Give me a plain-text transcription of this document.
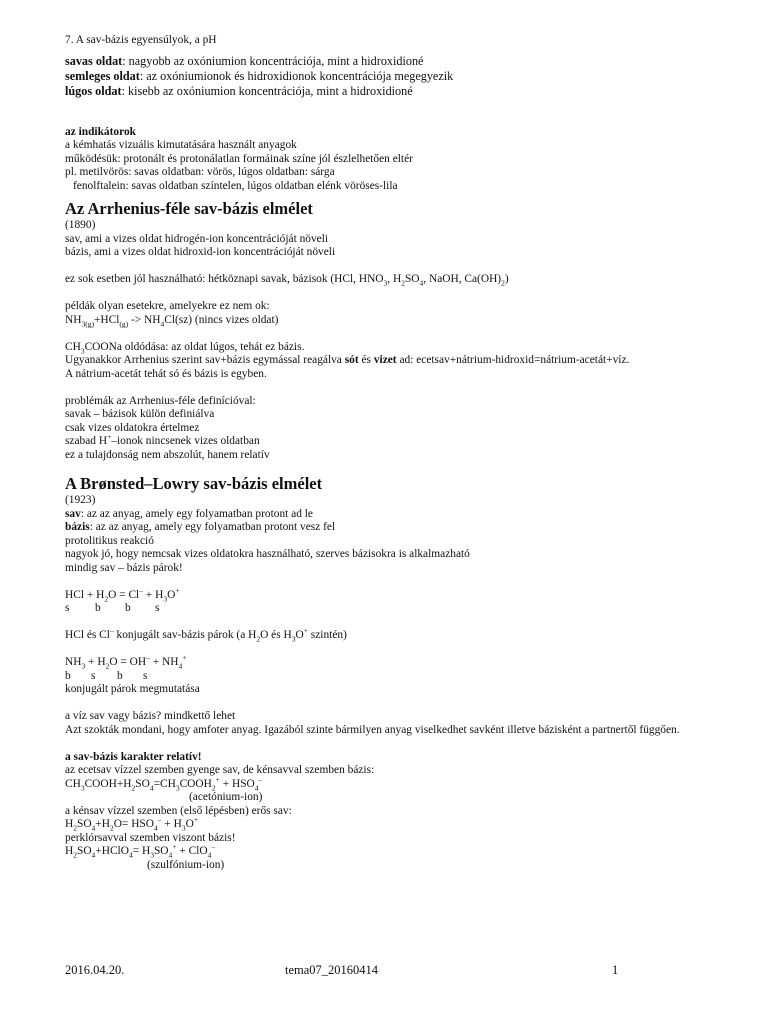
7. A sav-bázis egyensúlyok, a pH
savas oldat: nagyobb az oxóniumion koncentrációja, mint a hidroxidioné
semleges oldat: az oxóniumionok és hidroxidionok koncentrációja megegyezik
lúgos oldat: kisebb az oxóniumion koncentrációja, mint a hidroxidioné
az indikátorok
a kémhatás vizuális kimutatására használt anyagok
működésük: protonált és protonálatlan formáinak színe jól észlelhetően eltér
pl. metilvörös: savas oldatban: vörös, lúgos oldatban: sárga
fenolftalein: savas oldatban színtelen, lúgos oldatban elénk vöröses-lila
Az Arrhenius-féle sav-bázis elmélet
(1890)
sav, ami a vizes oldat hidrogén-ion koncentrációját növeli
bázis, ami a vizes oldat hidroxid-ion koncentrációját növeli
ez sok esetben jól használható: hétköznapi savak, bázisok (HCl, $HNO_3$, $H_2SO_4$, NaOH, $Ca(OH)_2$)
példák olyan esetekre, amelyekre ez nem ok:
$NH_{3(g)}+HCl_{(g)} -> NH_4Cl(sz)$ (nincs vizes oldat)
$CH_3COONa$ oldódása: az oldat lúgos, tehát ez bázis.
Ugyanakkor Arrhenius szerint sav+bázis egymással reagálva sót és vizet ad: ecetsav+nátrium-hidroxid=nátrium-acetát+víz.
A nátrium-acetát tehát só és bázis is egyben.
problémák az Arrhenius-féle definícióval:
savak – bázisok külön definiálva
csak vizes oldatokra értelmez
szabad H+–ionok nincsenek vizes oldatban
ez a tulajdonság nem abszolút, hanem relatív
A Brønsted–Lowry sav-bázis elmélet
(1923)
sav: az az anyag, amely egy folyamatban protont ad le
bázis: az az anyag, amely egy folyamatban protont vesz fel
protolitikus reakció
nagyok jó, hogy nemcsak vizes oldatokra használható, szerves bázisokra is alkalmazható
mindig sav – bázis párok!
HCl + $H_2O = Cl^- + H_3O^+$
s b b s
HCl és Cl– konjugált sav-bázis párok (a $H_2O$ és $H_3O^+$ szintén)
$NH_3 + H_2O = OH^- + NH_4^+$
b s b s
konjugált párok megmutatása
a víz sav vagy bázis? mindkettő lehet
Azt szokták mondani, hogy amfoter anyag. Igazából szinte bármilyen anyag viselkedhet savként illetve bázisként a partnertől függően.
a sav-bázis karakter relatív!
az ecetsav vízzel szemben gyenge sav, de kénsavval szemben bázis:
$CH_3COOH+H_2SO_4=CH_3COOH_2^+ + HSO_4^-$
(acetónium-ion)
a kénsav vízzel szemben (első lépésben) erős sav:
$H_2SO_4+H_2O= HSO_4^- + H_3O^+$
perklórsavval szemben viszont bázis!
$H_2SO_4+HClO_4= H_3SO_4^+ + ClO_4^-$
(szulfónium-ion)
2016.04.20.	tema07_20160414	1
